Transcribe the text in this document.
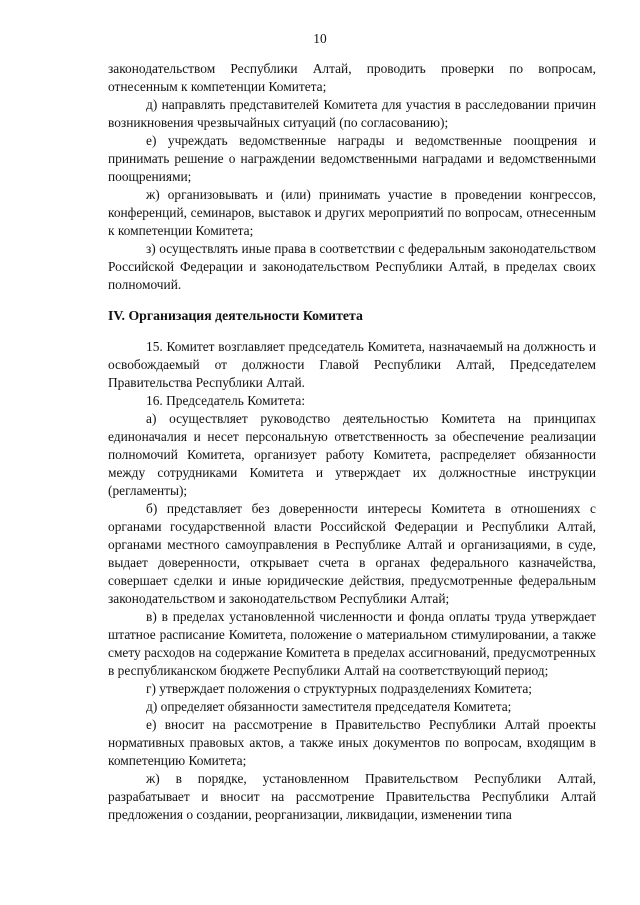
10

законодательством Республики Алтай, проводить проверки по вопросам, отнесенным к компетенции Комитета;

д) направлять представителей Комитета для участия в расследовании причин возникновения чрезвычайных ситуаций (по согласованию);

е) учреждать ведомственные награды и ведомственные поощрения и принимать решение о награждении ведомственными наградами и ведомственными поощрениями;

ж) организовывать и (или) принимать участие в проведении конгрессов, конференций, семинаров, выставок и других мероприятий по вопросам, отнесенным к компетенции Комитета;

з) осуществлять иные права в соответствии с федеральным законодательством Российской Федерации и законодательством Республики Алтай, в пределах своих полномочий.

IV. Организация деятельности Комитета

15. Комитет возглавляет председатель Комитета, назначаемый на должность и освобождаемый от должности Главой Республики Алтай, Председателем Правительства Республики Алтай.

16. Председатель Комитета:

а) осуществляет руководство деятельностью Комитета на принципах единоначалия и несет персональную ответственность за обеспечение реализации полномочий Комитета, организует работу Комитета, распределяет обязанности между сотрудниками Комитета и утверждает их должностные инструкции (регламенты);

б) представляет без доверенности интересы Комитета в отношениях с органами государственной власти Российской Федерации и Республики Алтай, органами местного самоуправления в Республике Алтай и организациями, в суде, выдает доверенности, открывает счета в органах федерального казначейства, совершает сделки и иные юридические действия, предусмотренные федеральным законодательством и законодательством Республики Алтай;

в) в пределах установленной численности и фонда оплаты труда утверждает штатное расписание Комитета, положение о материальном стимулировании, а также смету расходов на содержание Комитета в пределах ассигнований, предусмотренных в республиканском бюджете Республики Алтай на соответствующий период;

г) утверждает положения о структурных подразделениях Комитета;

д) определяет обязанности заместителя председателя Комитета;

е) вносит на рассмотрение в Правительство Республики Алтай проекты нормативных правовых актов, а также иных документов по вопросам, входящим в компетенцию Комитета;

ж) в порядке, установленном Правительством Республики Алтай, разрабатывает и вносит на рассмотрение Правительства Республики Алтай предложения о создании, реорганизации, ликвидации, изменении типа
